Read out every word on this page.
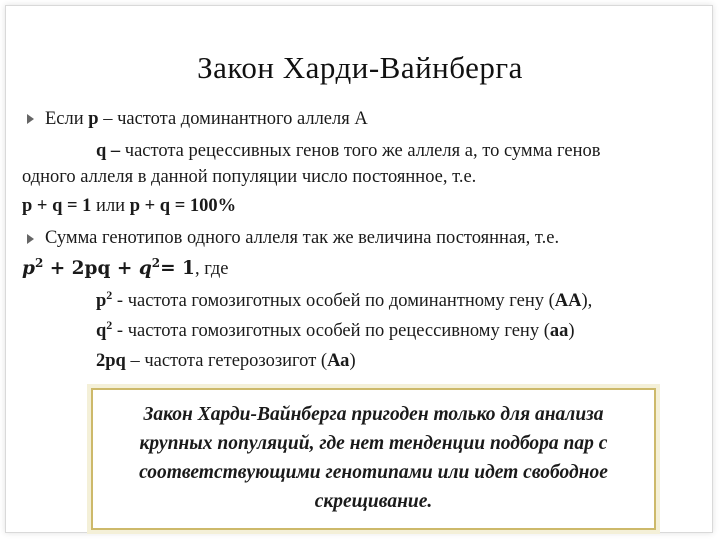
Закон Харди-Вайнберга
Если p – частота доминантного аллеля А
q – частота рецессивных генов того же аллеля а, то сумма генов
одного аллеля в данной популяции число постоянное, т.е.
p + q = 1 или p + q = 100%
Сумма генотипов одного аллеля так же величина постоянная, т.е.
$p^2 + 2pq + q^2= 1$, где
$p^2$ - частота гомозиготных особей по доминантному гену (АА),
$q^2$ - частота гомозиготных особей по рецессивному гену (аа)
2pq – частота гетерозозигот (Аа)
Закон Харди-Вайнберга пригоден только для анализа крупных популяций, где нет тенденции подбора пар с соответствующими генотипами или идет свободное скрещивание.
